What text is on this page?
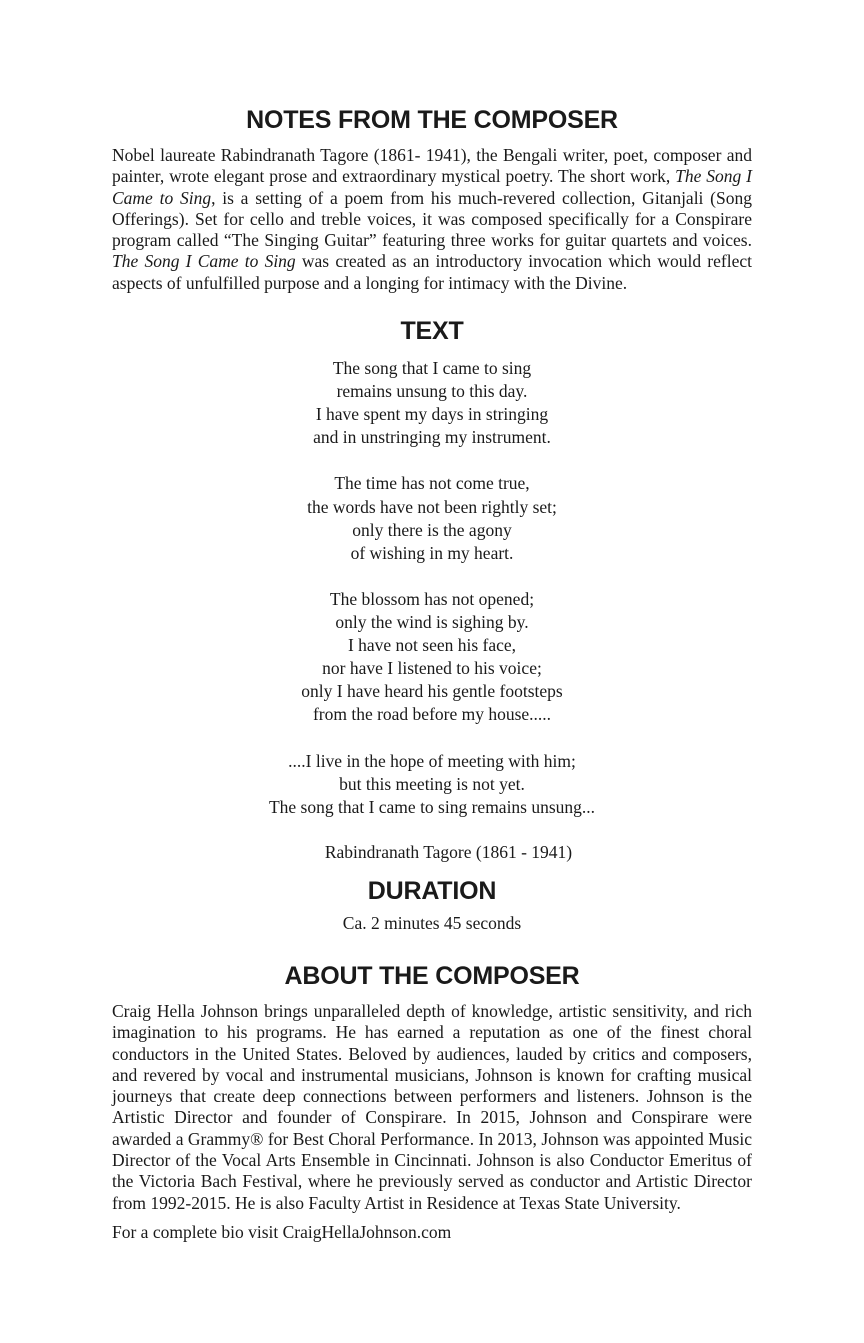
NOTES FROM THE COMPOSER

Nobel laureate Rabindranath Tagore (1861- 1941), the Bengali writer, poet, composer and painter, wrote elegant prose and extraordinary mystical poetry. The short work, The Song I Came to Sing, is a setting of a poem from his much-revered collection, Gitanjali (Song Offerings). Set for cello and treble voices, it was composed specifically for a Conspirare program called “The Singing Guitar” featuring three works for guitar quartets and voices. The Song I Came to Sing was created as an introductory invocation which would reflect aspects of unfulfilled purpose and a longing for intimacy with the Divine.

TEXT
The song that I came to sing
remains unsung to this day.
I have spent my days in stringing
and in unstringing my instrument.
The time has not come true,
the words have not been rightly set;
only there is the agony
of wishing in my heart.
The blossom has not opened;
only the wind is sighing by.
I have not seen his face,
nor have I listened to his voice;
only I have heard his gentle footsteps
from the road before my house.....
....I live in the hope of meeting with him;
but this meeting is not yet.
The song that I came to sing remains unsung...
Rabindranath Tagore (1861 - 1941)
DURATION
Ca. 2 minutes 45 seconds
ABOUT THE COMPOSER

Craig Hella Johnson brings unparalleled depth of knowledge, artistic sensitivity, and rich imagination to his programs. He has earned a reputation as one of the finest choral conductors in the United States. Beloved by audiences, lauded by critics and composers, and revered by vocal and instrumental musicians, Johnson is known for crafting musical journeys that create deep connections between performers and listeners. Johnson is the Artistic Director and founder of Conspirare. In 2015, Johnson and Conspirare were awarded a Grammy® for Best Choral Performance. In 2013, Johnson was appointed Music Director of the Vocal Arts Ensemble in Cincinnati. Johnson is also Conductor Emeritus of the Victoria Bach Festival, where he previously served as conductor and Artistic Director from 1992-2015. He is also Faculty Artist in Residence at Texas State University.

For a complete bio visit CraigHellaJohnson.com
